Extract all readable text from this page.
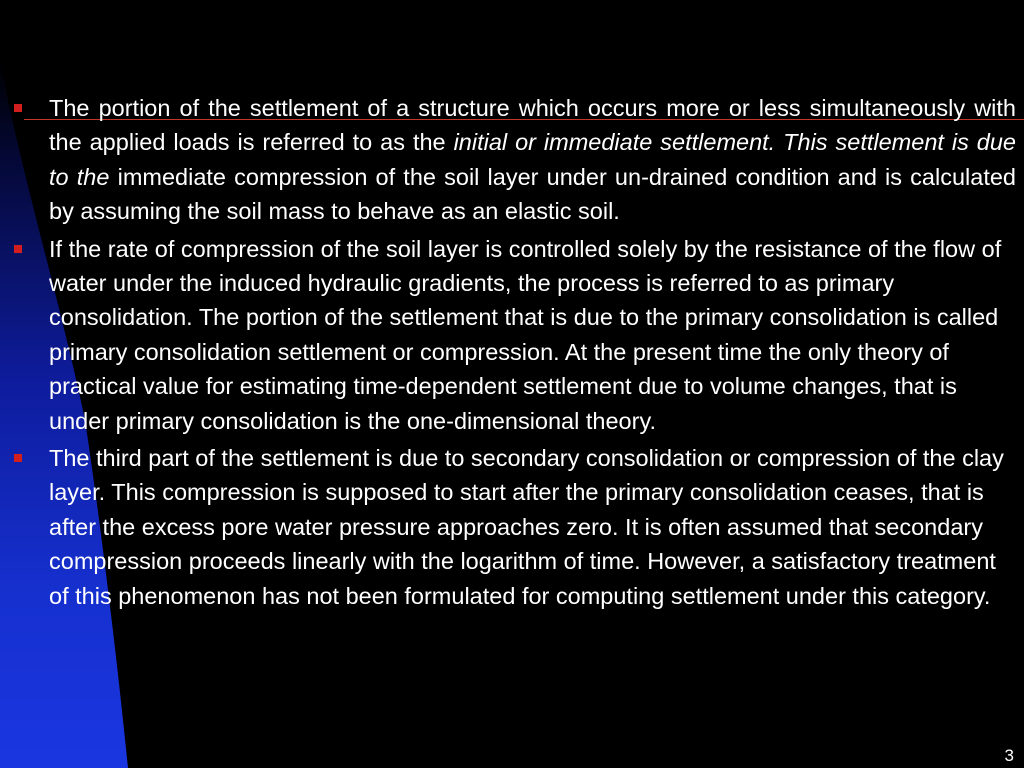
The portion of the settlement of a structure which occurs more or less simultaneously with the applied loads is referred to as the initial or immediate settlement. This settlement is due to the immediate compression of the soil layer under un-drained condition and is calculated by assuming the soil mass to behave as an elastic soil.
If the rate of compression of the soil layer is controlled solely by the resistance of the flow of water under the induced hydraulic gradients, the process is referred to as primary consolidation. The portion of the settlement that is due to the primary consolidation is called primary consolidation settlement or compression. At the present time the only theory of practical value for estimating time-dependent settlement due to volume changes, that is under primary consolidation is the one-dimensional theory.
The third part of the settlement is due to secondary consolidation or compression of the clay layer. This compression is supposed to start after the primary consolidation ceases, that is after the excess pore water pressure approaches zero. It is often assumed that secondary compression proceeds linearly with the logarithm of time. However, a satisfactory treatment of this phenomenon has not been formulated for computing settlement under this category.
3
